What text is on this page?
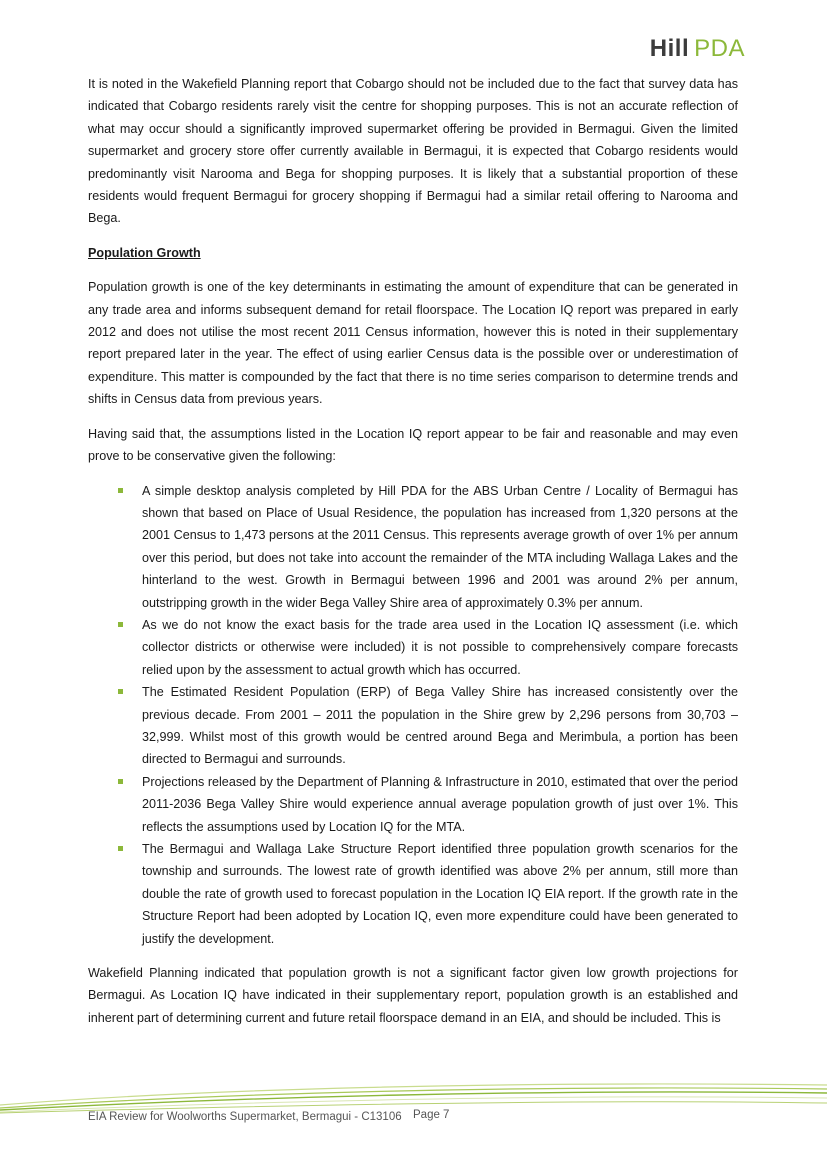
Hill PDA

It is noted in the Wakefield Planning report that Cobargo should not be included due to the fact that survey data has indicated that Cobargo residents rarely visit the centre for shopping purposes. This is not an accurate reflection of what may occur should a significantly improved supermarket offering be provided in Bermagui. Given the limited supermarket and grocery store offer currently available in Bermagui, it is expected that Cobargo residents would predominantly visit Narooma and Bega for shopping purposes. It is likely that a substantial proportion of these residents would frequent Bermagui for grocery shopping if Bermagui had a similar retail offering to Narooma and Bega.

Population Growth

Population growth is one of the key determinants in estimating the amount of expenditure that can be generated in any trade area and informs subsequent demand for retail floorspace. The Location IQ report was prepared in early 2012 and does not utilise the most recent 2011 Census information, however this is noted in their supplementary report prepared later in the year. The effect of using earlier Census data is the possible over or underestimation of expenditure. This matter is compounded by the fact that there is no time series comparison to determine trends and shifts in Census data from previous years.

Having said that, the assumptions listed in the Location IQ report appear to be fair and reasonable and may even prove to be conservative given the following:

A simple desktop analysis completed by Hill PDA for the ABS Urban Centre / Locality of Bermagui has shown that based on Place of Usual Residence, the population has increased from 1,320 persons at the 2001 Census to 1,473 persons at the 2011 Census. This represents average growth of over 1% per annum over this period, but does not take into account the remainder of the MTA including Wallaga Lakes and the hinterland to the west. Growth in Bermagui between 1996 and 2001 was around 2% per annum, outstripping growth in the wider Bega Valley Shire area of approximately 0.3% per annum.
As we do not know the exact basis for the trade area used in the Location IQ assessment (i.e. which collector districts or otherwise were included) it is not possible to comprehensively compare forecasts relied upon by the assessment to actual growth which has occurred.
The Estimated Resident Population (ERP) of Bega Valley Shire has increased consistently over the previous decade. From 2001 – 2011 the population in the Shire grew by 2,296 persons from 30,703 – 32,999. Whilst most of this growth would be centred around Bega and Merimbula, a portion has been directed to Bermagui and surrounds.
Projections released by the Department of Planning & Infrastructure in 2010, estimated that over the period 2011-2036 Bega Valley Shire would experience annual average population growth of just over 1%. This reflects the assumptions used by Location IQ for the MTA.
The Bermagui and Wallaga Lake Structure Report identified three population growth scenarios for the township and surrounds. The lowest rate of growth identified was above 2% per annum, still more than double the rate of growth used to forecast population in the Location IQ EIA report. If the growth rate in the Structure Report had been adopted by Location IQ, even more expenditure could have been generated to justify the development.

Wakefield Planning indicated that population growth is not a significant factor given low growth projections for Bermagui. As Location IQ have indicated in their supplementary report, population growth is an established and inherent part of determining current and future retail floorspace demand in an EIA, and should be included. This is

EIA Review for Woolworths Supermarket, Bermagui - C13106 Page 7
